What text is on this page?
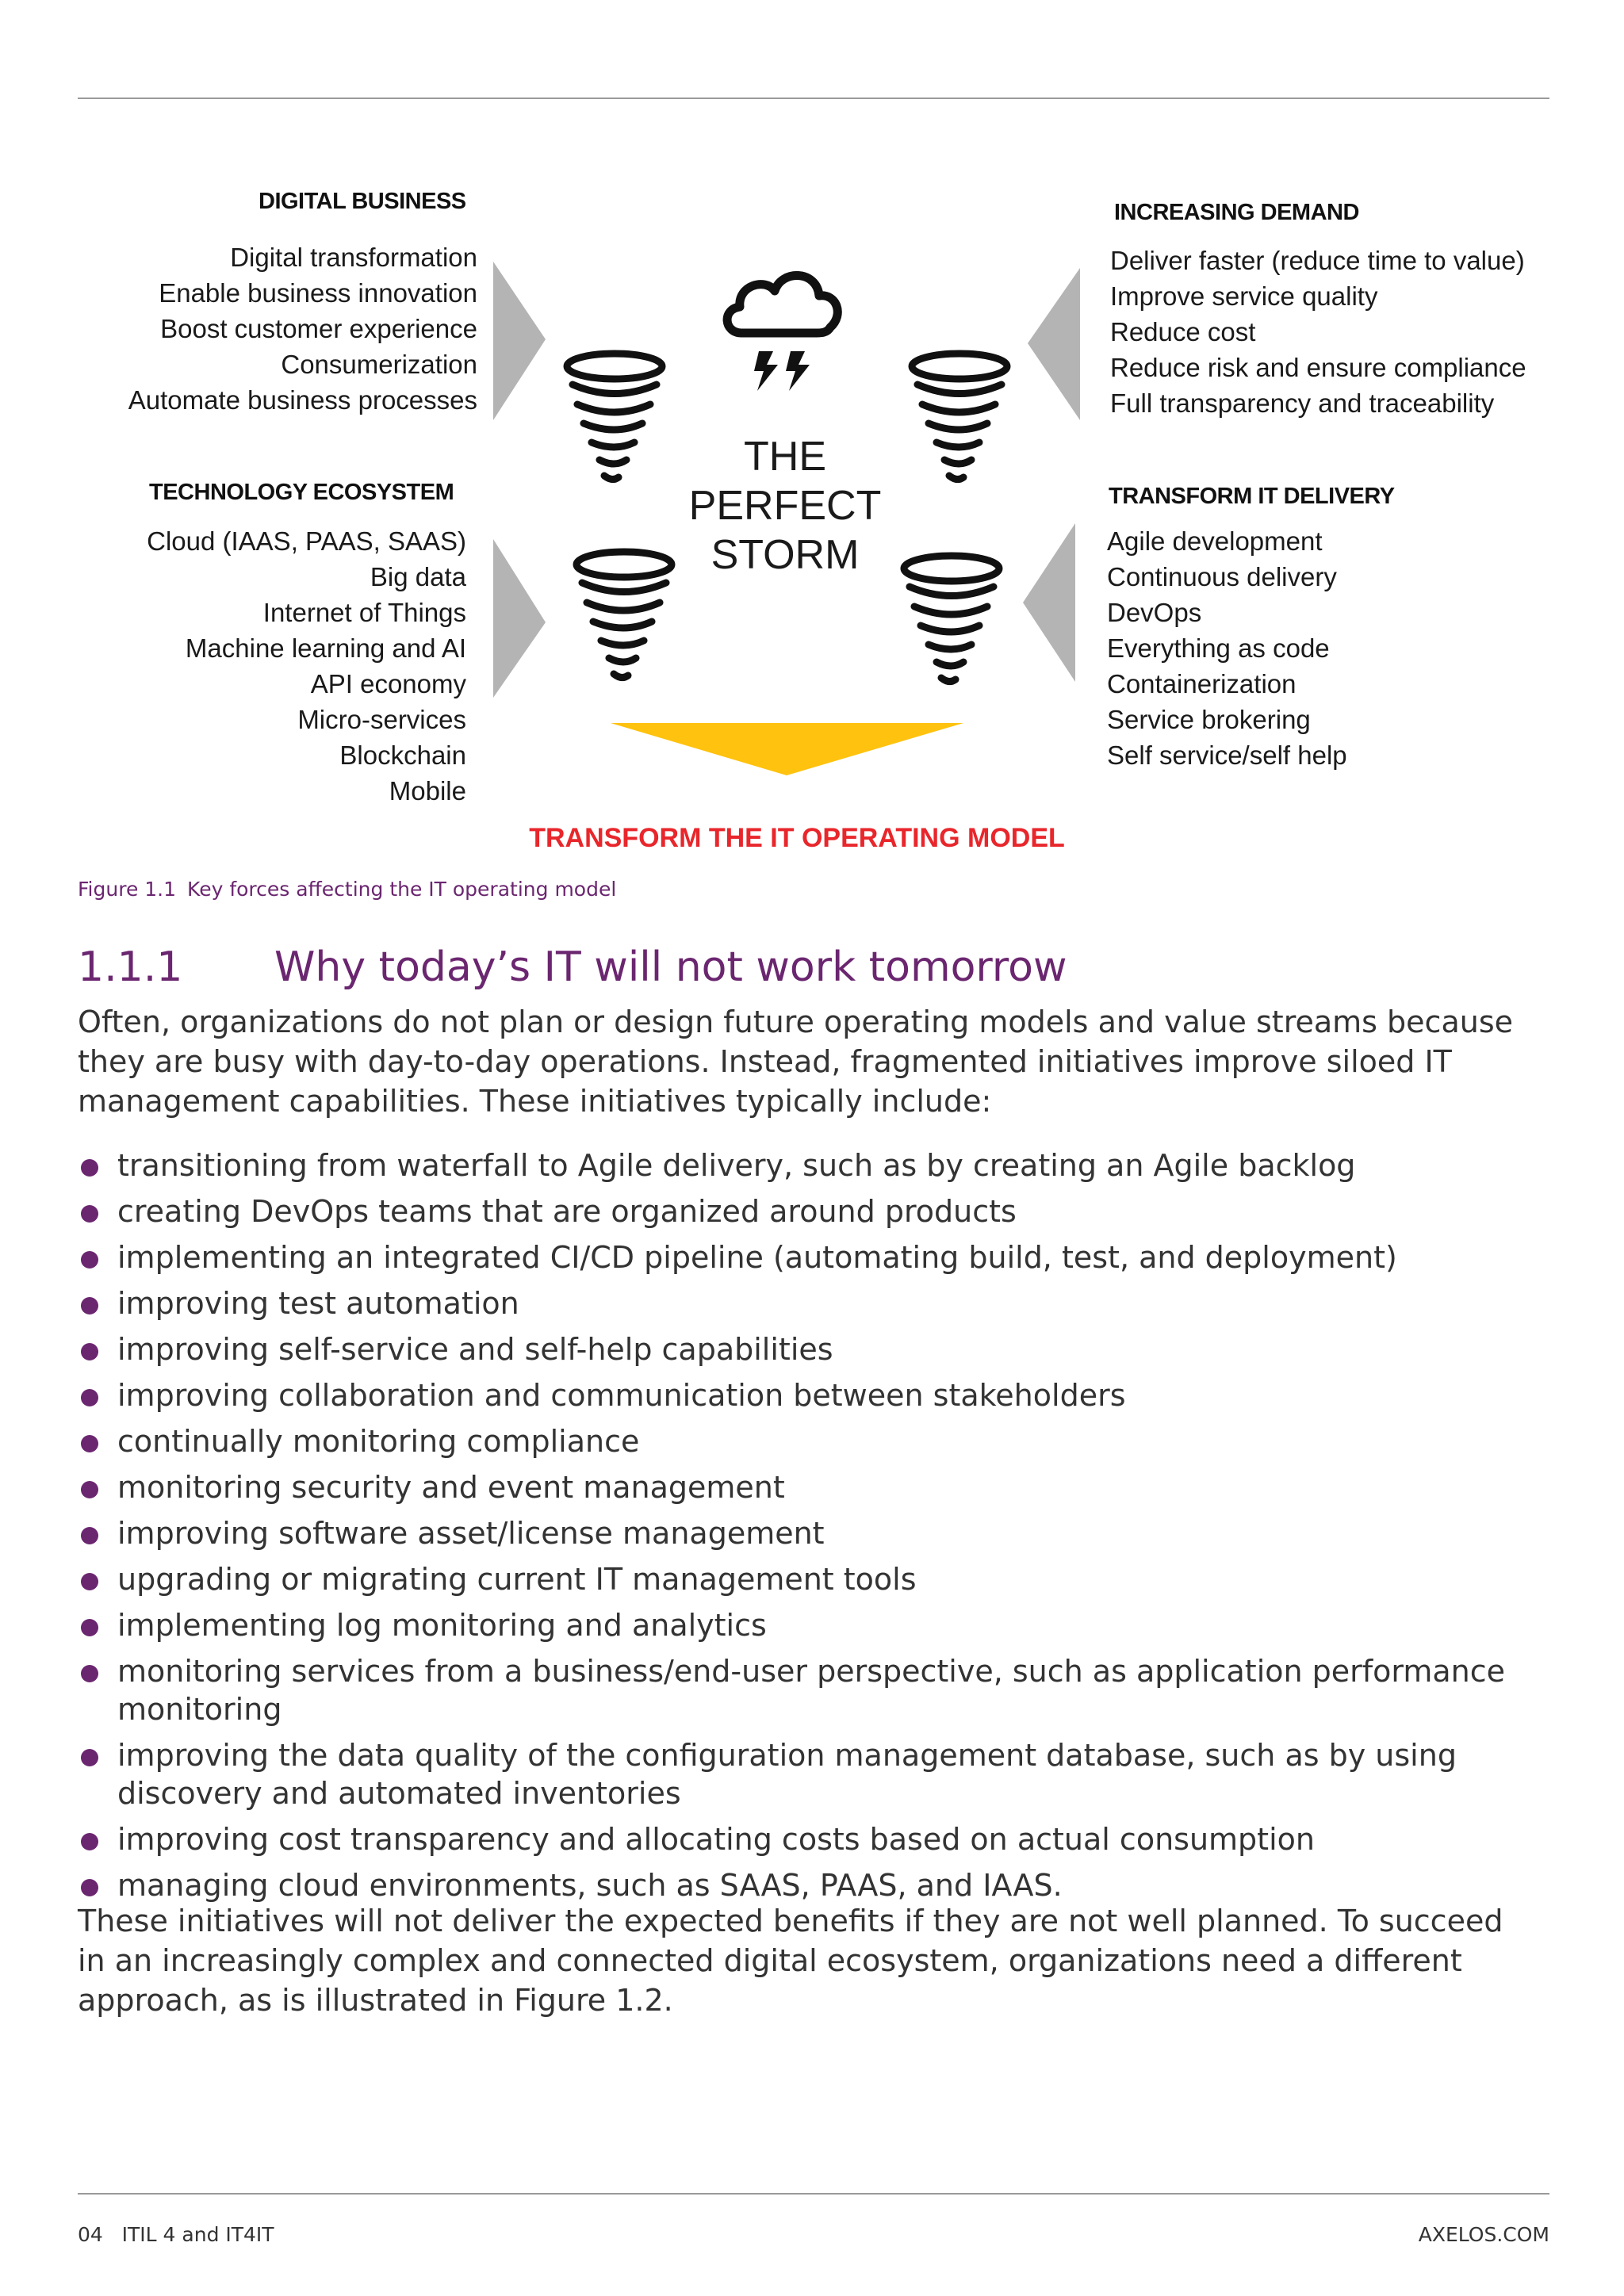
DIGITAL BUSINESS
Digital transformation
Enable business innovation
Boost customer experience
Consumerization
Automate business processes
TECHNOLOGY ECOSYSTEM
Cloud (IAAS, PAAS, SAAS)
Big data
Internet of Things
Machine learning and AI
API economy
Micro-services
Blockchain
Mobile
INCREASING DEMAND
Deliver faster (reduce time to value)
Improve service quality
Reduce cost
Reduce risk and ensure compliance
Full transparency and traceability
TRANSFORM IT DELIVERY
Agile development
Continuous delivery
DevOps
Everything as code
Containerization
Service brokering
Self service/self help
THE
PERFECT
STORM
TRANSFORM THE IT OPERATING MODEL
Figure 1.1 Key forces affecting the IT operating model
1.1.1 Why today’s IT will not work tomorrow

Often, organizations do not plan or design future operating models and value streams because they are busy with day-to-day operations. Instead, fragmented initiatives improve siloed IT management capabilities. These initiatives typically include:

transitioning from waterfall to Agile delivery, such as by creating an Agile backlog
creating DevOps teams that are organized around products
implementing an integrated CI/CD pipeline (automating build, test, and deployment)
improving test automation
improving self-service and self-help capabilities
improving collaboration and communication between stakeholders
continually monitoring compliance
monitoring security and event management
improving software asset/license management
upgrading or migrating current IT management tools
implementing log monitoring and analytics
monitoring services from a business/end-user perspective, such as application performance monitoring
improving the data quality of the configuration management database, such as by using discovery and automated inventories
improving cost transparency and allocating costs based on actual consumption
managing cloud environments, such as SAAS, PAAS, and IAAS.

These initiatives will not deliver the expected benefits if they are not well planned. To succeed in an increasingly complex and connected digital ecosystem, organizations need a different approach, as is illustrated in Figure 1.2.

04 ITIL 4 and IT4IT	AXELOS.COM
